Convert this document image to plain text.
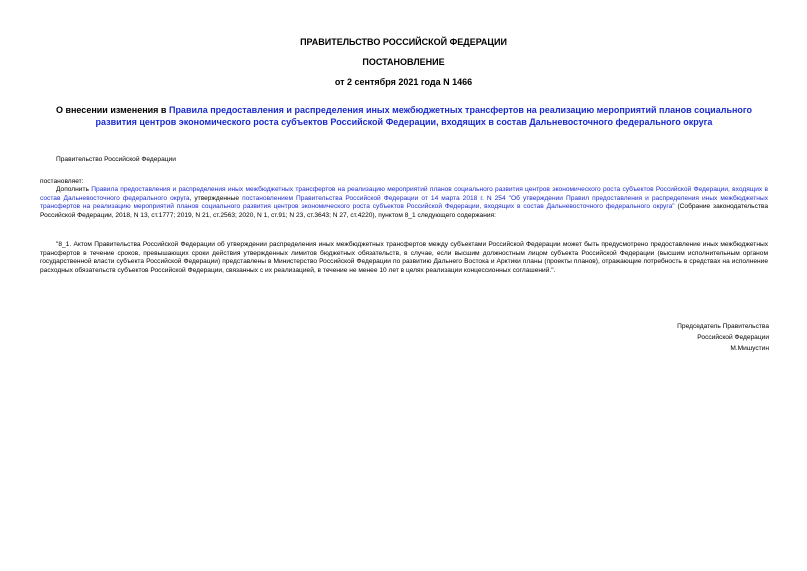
ПРАВИТЕЛЬСТВО РОССИЙСКОЙ ФЕДЕРАЦИИ
ПОСТАНОВЛЕНИЕ
от 2 сентября 2021 года N 1466
О внесении изменения в Правила предоставления и распределения иных межбюджетных трансфертов на реализацию мероприятий планов социального развития центров экономического роста субъектов Российской Федерации, входящих в состав Дальневосточного федерального округа
Правительство Российской Федерации
постановляет:
Дополнить Правила предоставления и распределения иных межбюджетных трансфертов на реализацию мероприятий планов социального развития центров экономического роста субъектов Российской Федерации, входящих в состав Дальневосточного федерального округа, утвержденные постановлением Правительства Российской Федерации от 14 марта 2018 г. N 254 "Об утверждении Правил предоставления и распределения иных межбюджетных трансфертов на реализацию мероприятий планов социального развития центров экономического роста субъектов Российской Федерации, входящих в состав Дальневосточного федерального округа" (Собрание законодательства Российской Федерации, 2018, N 13, ст.1777; 2019, N 21, ст.2563; 2020, N 1, ст.91; N 23, ст.3643; N 27, ст.4220), пунктом 8_1 следующего содержания:
"8_1. Актом Правительства Российской Федерации об утверждении распределения иных межбюджетных трансфертов между субъектами Российской Федерации может быть предусмотрено предоставление иных межбюджетных трансфертов в течение сроков, превышающих сроки действия утвержденных лимитов бюджетных обязательств, в случае, если высшим должностным лицом субъекта Российской Федерации (высшим исполнительным органом государственной власти субъекта Российской Федерации) представлены в Министерство Российской Федерации по развитию Дальнего Востока и Арктики планы (проекты планов), отражающие потребность в средствах на исполнение расходных обязательств субъектов Российской Федерации, связанных с их реализацией, в течение не менее 10 лет в целях реализации концессионных соглашений.".
Председатель Правительства
Российской Федерации
М.Мишустин
